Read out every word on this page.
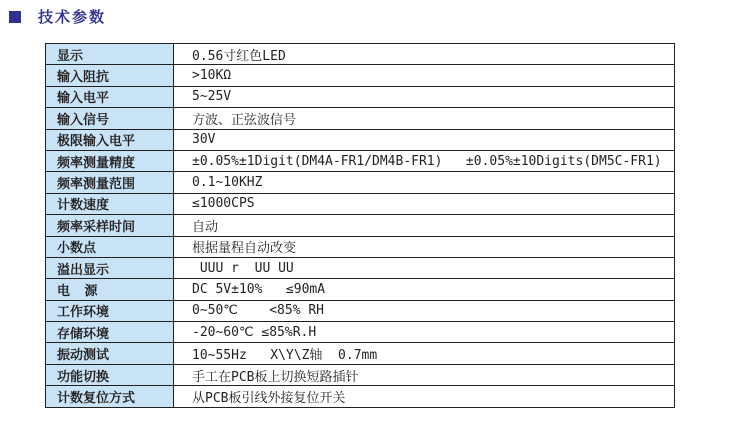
技术参数
显示	0.56寸红色LED
输入阻抗	>10KΩ
输入电平	5~25V
输入信号	方波、正弦波信号
极限输入电平	30V
频率测量精度	±0.05%±1Digit(DM4A-FR1/DM4B-FR1)   ±0.05%±10Digits(DM5C-FR1)
频率测量范围	0.1~10KHZ
计数速度	≤1000CPS
频率采样时间	自动
小数点	根据量程自动改变
溢出显示	UUU r  UU UU
电    源	DC 5V±10%   ≤90mA
工作环境	0~50℃    <85% RH
存储环境	-20~60℃ ≤85%R.H
振动测试	10~55Hz   X\Y\Z轴  0.7mm
功能切换	手工在PCB板上切换短路插针
计数复位方式	从PCB板引线外接复位开关
